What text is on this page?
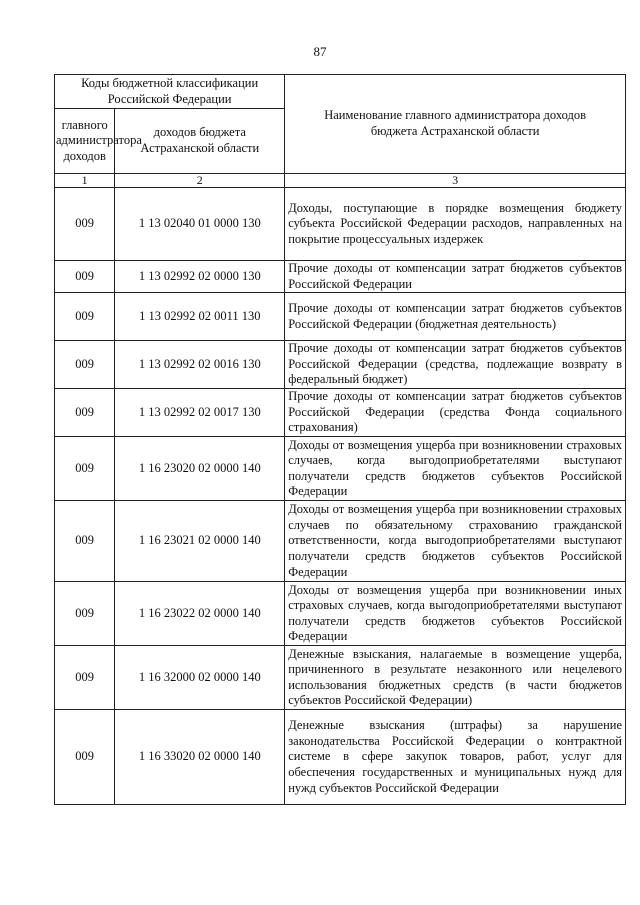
87
Коды бюджетной классификации Российской Федерации		Наименование главного администратора доходов бюджета Астраханской области
главного администратора доходов	доходов бюджета Астраханской области	
1	2	3
009	1 13 02040 01 0000 130	Доходы, поступающие в порядке возмещения бюджету субъекта Российской Федерации расходов, направленных на покрытие процессуальных издержек
009	1 13 02992 02 0000 130	Прочие доходы от компенсации затрат бюджетов субъектов Российской Федерации
009	1 13 02992 02 0011 130	Прочие доходы от компенсации затрат бюджетов субъектов Российской Федерации (бюджетная деятельность)
009	1 13 02992 02 0016 130	Прочие доходы от компенсации затрат бюджетов субъектов Российской Федерации (средства, подлежащие возврату в федеральный бюджет)
009	1 13 02992 02 0017 130	Прочие доходы от компенсации затрат бюджетов субъектов Российской Федерации (средства Фонда социального страхования)
009	1 16 23020 02 0000 140	Доходы от возмещения ущерба при возникновении страховых случаев, когда выгодоприобретателями выступают получатели средств бюджетов субъектов Российской Федерации
009	1 16 23021 02 0000 140	Доходы от возмещения ущерба при возникновении страховых случаев по обязательному страхованию гражданской ответственности, когда выгодоприобретателями выступают получатели средств бюджетов субъектов Российской Федерации
009	1 16 23022 02 0000 140	Доходы от возмещения ущерба при возникновении иных страховых случаев, когда выгодоприобретателями выступают получатели средств бюджетов субъектов Российской Федерации
009	1 16 32000 02 0000 140	Денежные взыскания, налагаемые в возмещение ущерба, причиненного в результате незаконного или нецелевого использования бюджетных средств (в части бюджетов субъектов Российской Федерации)
009	1 16 33020 02 0000 140	Денежные взыскания (штрафы) за нарушение законодательства Российской Федерации о контрактной системе в сфере закупок товаров, работ, услуг для обеспечения государственных и муниципальных нужд для нужд субъектов Российской Федерации
